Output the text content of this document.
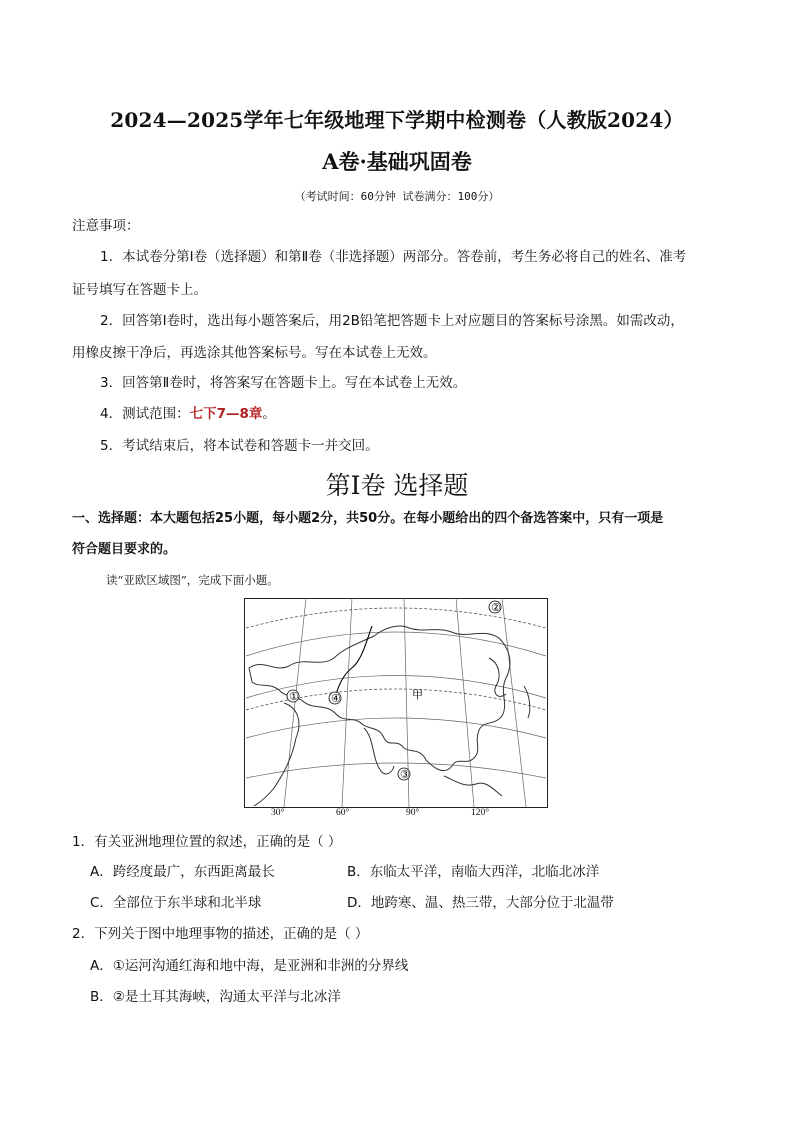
2024—2025学年七年级地理下学期中检测卷（人教版2024）
A卷·基础巩固卷
（考试时间：60分钟 试卷满分：100分）
注意事项：
1．本试卷分第Ⅰ卷（选择题）和第Ⅱ卷（非选择题）两部分。答卷前，考生务必将自己的姓名、准考
证号填写在答题卡上。
2．回答第Ⅰ卷时，选出每小题答案后，用2B铅笔把答题卡上对应题目的答案标号涂黑。如需改动，
用橡皮擦干净后，再选涂其他答案标号。写在本试卷上无效。
3．回答第Ⅱ卷时，将答案写在答题卡上。写在本试卷上无效。
4．测试范围：七下7—8章。
5．考试结束后，将本试卷和答题卡一并交回。
第Ⅰ卷 选择题
一、选择题：本大题包括25小题，每小题2分，共50分。在每小题给出的四个备选答案中，只有一项是
符合题目要求的。
读“亚欧区域图”，完成下面小题。
①
②
③
④	甲
30°	60°	90°	120°
1．有关亚洲地理位置的叙述，正确的是（ ）
A．跨经度最广，东西距离最长	B．东临太平洋，南临大西洋，北临北冰洋
C．全部位于东半球和北半球	D．地跨寒、温、热三带，大部分位于北温带
2．下列关于图中地理事物的描述，正确的是（ ）
A．①运河沟通红海和地中海，是亚洲和非洲的分界线
B．②是土耳其海峡，沟通太平洋与北冰洋
